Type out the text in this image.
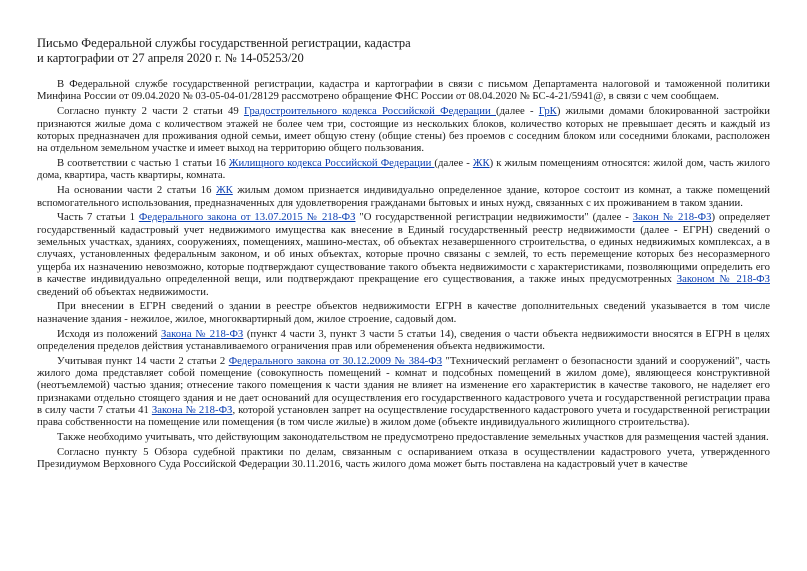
Письмо Федеральной службы государственной регистрации, кадастра
и картографии от 27 апреля 2020 г. № 14-05253/20

В Федеральной службе государственной регистрации, кадастра и картографии в связи с письмом Департамента налоговой и таможенной политики Минфина России от 09.04.2020 № 03-05-04-01/28129 рассмотрено обращение ФНС России от 08.04.2020 № БС-4-21/5941@, в связи с чем сообщаем.

Согласно пункту 2 части 2 статьи 49 Градостроительного кодекса Российской Федерации (далее - ГрК) жилыми домами блокированной застройки признаются жилые дома с количеством этажей не более чем три, состоящие из нескольких блоков, количество которых не превышает десять и каждый из которых предназначен для проживания одной семьи, имеет общую стену (общие стены) без проемов с соседним блоком или соседними блоками, расположен на отдельном земельном участке и имеет выход на территорию общего пользования.

В соответствии с частью 1 статьи 16 Жилищного кодекса Российской Федерации (далее - ЖК) к жилым помещениям относятся: жилой дом, часть жилого дома, квартира, часть квартиры, комната.

На основании части 2 статьи 16 ЖК жилым домом признается индивидуально определенное здание, которое состоит из комнат, а также помещений вспомогательного использования, предназначенных для удовлетворения гражданами бытовых и иных нужд, связанных с их проживанием в таком здании.

Часть 7 статьи 1 Федерального закона от 13.07.2015 № 218-ФЗ "О государственной регистрации недвижимости" (далее - Закон № 218-ФЗ) определяет государственный кадастровый учет недвижимого имущества как внесение в Единый государственный реестр недвижимости (далее - ЕГРН) сведений о земельных участках, зданиях, сооружениях, помещениях, машино-местах, об объектах незавершенного строительства, о единых недвижимых комплексах, а в случаях, установленных федеральным законом, и об иных объектах, которые прочно связаны с землей, то есть перемещение которых без несоразмерного ущерба их назначению невозможно, которые подтверждают существование такого объекта недвижимости с характеристиками, позволяющими определить его в качестве индивидуально определенной вещи, или подтверждают прекращение его существования, а также иных предусмотренных Законом № 218-ФЗ сведений об объектах недвижимости.

При внесении в ЕГРН сведений о здании в реестре объектов недвижимости ЕГРН в качестве дополнительных сведений указывается в том числе назначение здания - нежилое, жилое, многоквартирный дом, жилое строение, садовый дом.

Исходя из положений Закона № 218-ФЗ (пункт 4 части 3, пункт 3 части 5 статьи 14), сведения о части объекта недвижимости вносятся в ЕГРН в целях определения пределов действия устанавливаемого ограничения прав или обременения объекта недвижимости.

Учитывая пункт 14 части 2 статьи 2 Федерального закона от 30.12.2009 № 384-ФЗ "Технический регламент о безопасности зданий и сооружений", часть жилого дома представляет собой помещение (совокупность помещений - комнат и подсобных помещений в жилом доме), являющееся конструктивной (неотъемлемой) частью здания; отнесение такого помещения к части здания не влияет на изменение его характеристик в качестве такового, не наделяет его признаками отдельно стоящего здания и не дает оснований для осуществления его государственного кадастрового учета и государственной регистрации права в силу части 7 статьи 41 Закона № 218-ФЗ, которой установлен запрет на осуществление государственного кадастрового учета и государственной регистрации права собственности на помещение или помещения (в том числе жилые) в жилом доме (объекте индивидуального жилищного строительства).

Также необходимо учитывать, что действующим законодательством не предусмотрено предоставление земельных участков для размещения частей здания.

Согласно пункту 5 Обзора судебной практики по делам, связанным с оспариванием отказа в осуществлении кадастрового учета, утвержденного Президиумом Верховного Суда Российской Федерации 30.11.2016, часть жилого дома может быть поставлена на кадастровый учет в качестве
